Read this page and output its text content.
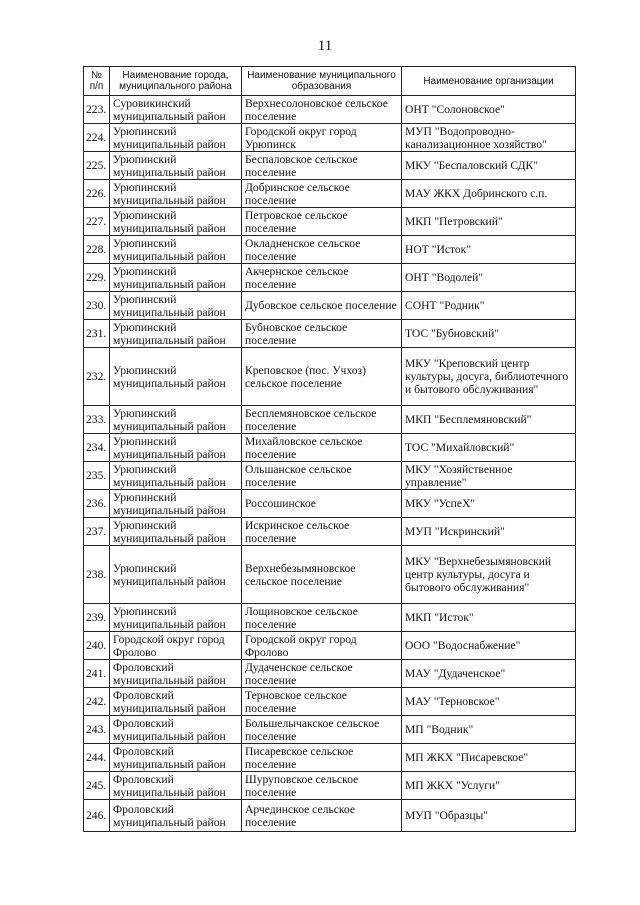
11
№ п/п	Наименование города, муниципального района	Наименование муниципального образования	Наименование организации
223.	Суровикинский муниципальный район	Верхнесолоновское сельское поселение	ОНТ "Солоновское"
224.	Урюпинский муниципальный район	Городской округ город Урюпинск	МУП "Водопроводно-канализационное хозяйство"
225.	Урюпинский муниципальный район	Беспаловское сельское поселение	МКУ "Беспаловский СДК"
226.	Урюпинский муниципальный район	Добринское сельское поселение	МАУ ЖКХ Добринского с.п.
227.	Урюпинский муниципальный район	Петровское сельское поселение	МКП "Петровский"
228.	Урюпинский муниципальный район	Окладненское сельское поселение	НОТ "Исток"
229.	Урюпинский муниципальный район	Акчернское сельское поселение	ОНТ "Водолей"
230.	Урюпинский муниципальный район	Дубовское сельское поселение	СОНТ "Родник"
231.	Урюпинский муниципальный район	Бубновское сельское поселение	ТОС "Бубновский"
232.	Урюпинский муниципальный район	Креповское (пос. Учхоз) сельское поселение	МКУ "Креповский центр культуры, досуга, библиотечного и бытового обслуживания"
233.	Урюпинский муниципальный район	Бесплемяновское сельское поселение	МКП "Бесплемяновский"
234.	Урюпинский муниципальный район	Михайловское сельское поселение	ТОС "Михайловский"
235.	Урюпинский муниципальный район	Ольшанское сельское поселение	МКУ "Хозяйственное управление"
236.	Урюпинский муниципальный район	Россошинское	МКУ "УспеХ"
237.	Урюпинский муниципальный район	Искринское сельское поселение	МУП "Искринский"
238.	Урюпинский муниципальный район	Верхнебезымяновское сельское поселение	МКУ "Верхнебезымяновский центр культуры, досуга и бытового обслуживания"
239.	Урюпинский муниципальный район	Лощиновское сельское поселение	МКП "Исток"
240.	Городской округ город Фролово	Городской округ город Фролово	ООО "Водоснабжение"
241.	Фроловский муниципальный район	Дудаченское сельское поселение	МАУ "Дудаченское"
242.	Фроловский муниципальный район	Терновское сельское поселение	МАУ "Терновское"
243.	Фроловский муниципальный район	Большелычакское сельское поселение	МП "Водник"
244.	Фроловский муниципальный район	Писаревское сельское поселение	МП ЖКХ "Писаревское"
245.	Фроловский муниципальный район	Шуруповское сельское поселение	МП ЖКХ "Услуги"
246.	Фроловский муниципальный район	Арчединское сельское поселение	МУП "Образцы"
